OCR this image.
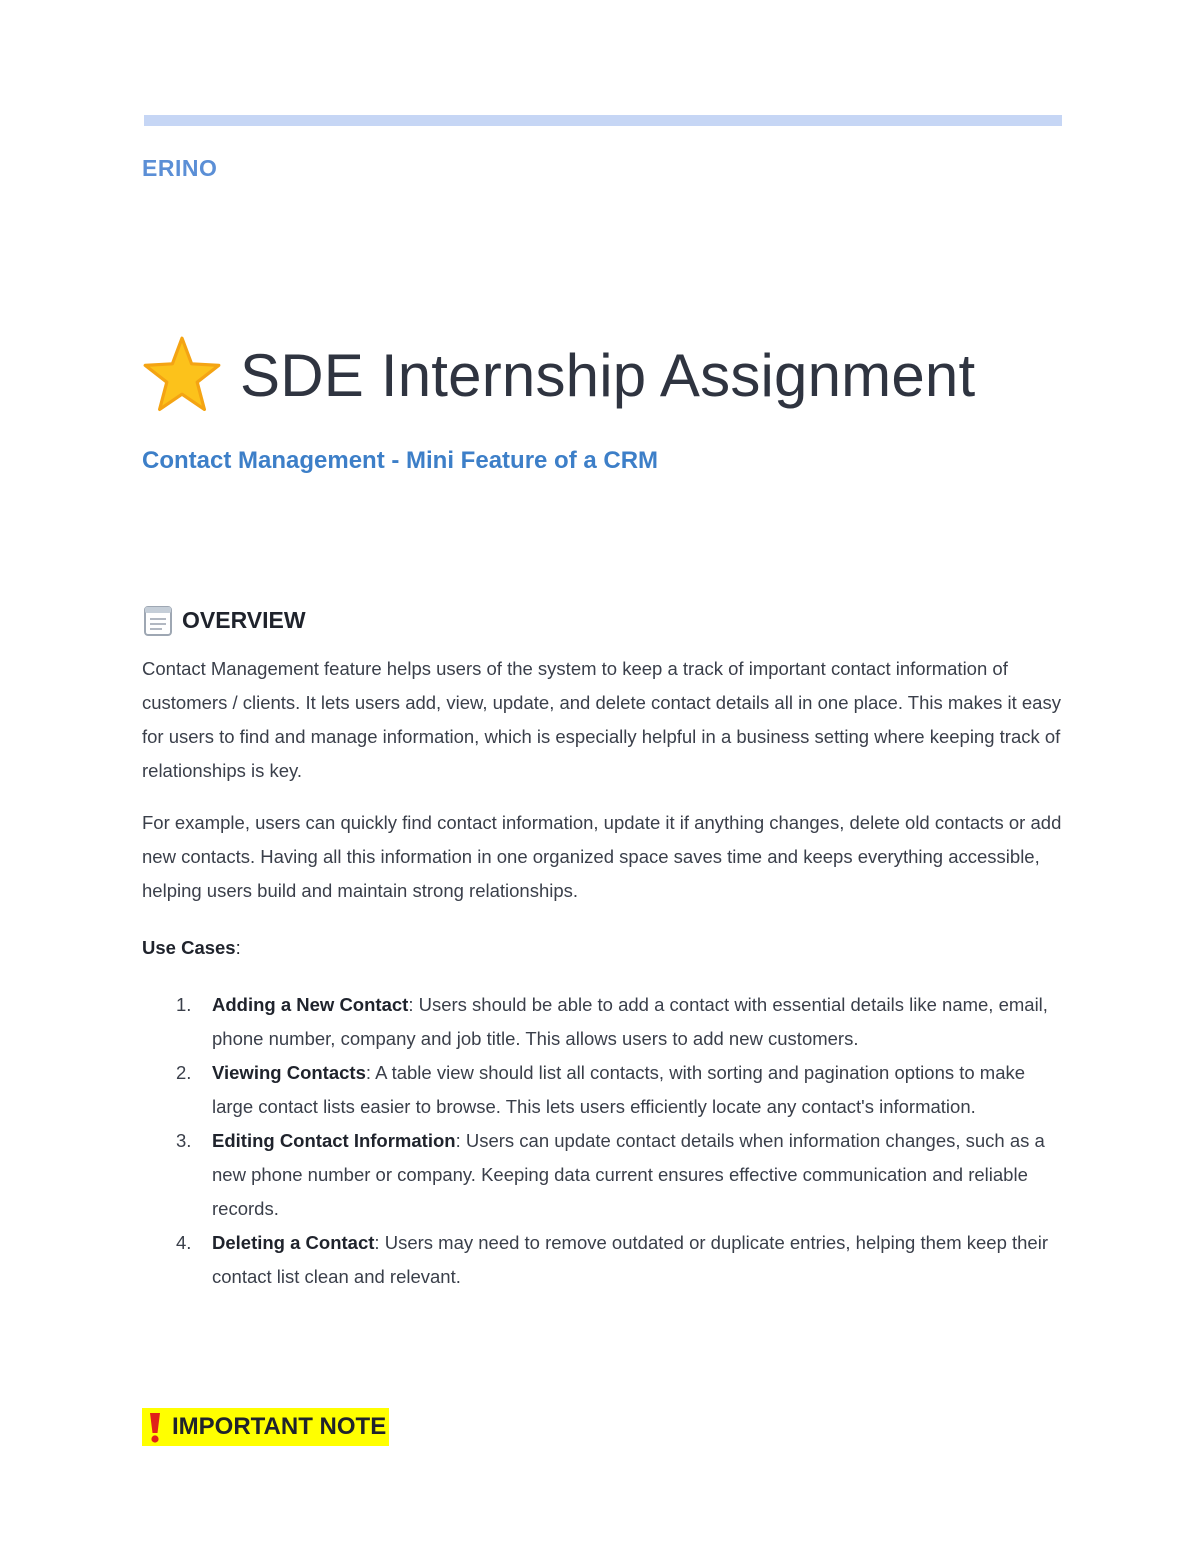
ERINO
SDE Internship Assignment
Contact Management - Mini Feature of a CRM
OVERVIEW
Contact Management feature helps users of the system to keep a track of important contact information of customers / clients. It lets users add, view, update, and delete contact details all in one place. This makes it easy for users to find and manage information, which is especially helpful in a business setting where keeping track of relationships is key.
For example, users can quickly find contact information, update it if anything changes, delete old contacts or add new contacts. Having all this information in one organized space saves time and keeps everything accessible, helping users build and maintain strong relationships.
Use Cases:
1.	Adding a New Contact: Users should be able to add a contact with essential details like name, email, phone number, company and job title. This allows users to add new customers.
2.	Viewing Contacts: A table view should list all contacts, with sorting and pagination options to make large contact lists easier to browse. This lets users efficiently locate any contact's information.
3.	Editing Contact Information: Users can update contact details when information changes, such as a new phone number or company. Keeping data current ensures effective communication and reliable records.
4.	Deleting a Contact: Users may need to remove outdated or duplicate entries, helping them keep their contact list clean and relevant.
IMPORTANT NOTE
